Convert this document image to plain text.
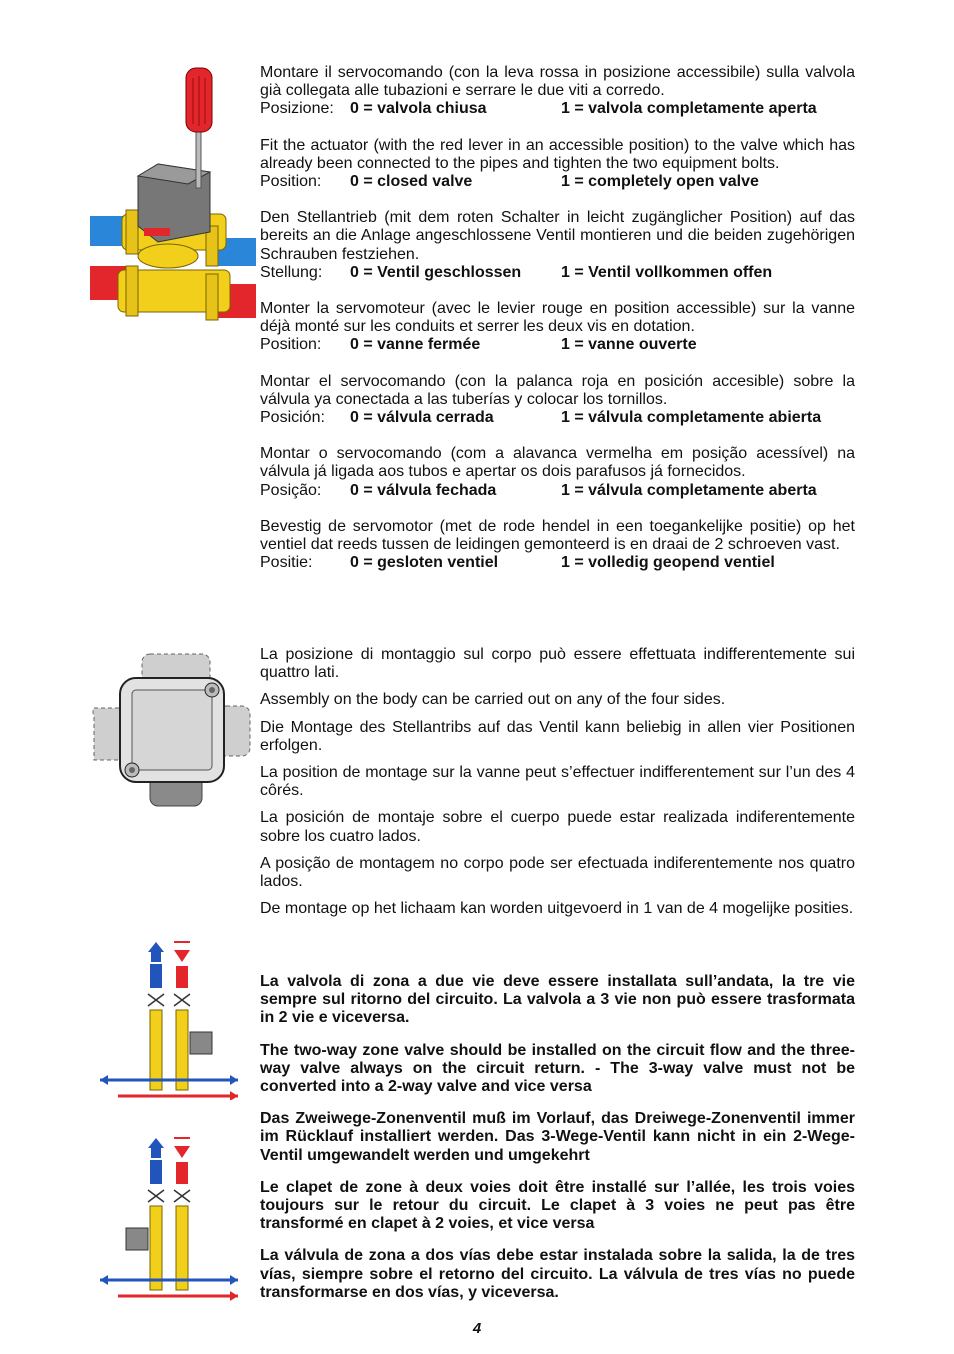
Montare il servocomando (con la leva rossa in posizione accessibile) sulla valvola già collegata alle tubazioni e serrare le due viti a corredo.

Posizione:	0 = valvola chiusa	1 = valvola completamente aperta

Fit the actuator (with the red lever in an accessible position) to the valve which has already been connected to the pipes and tighten the two equipment bolts.

Position:	0 = closed valve	1 = completely open valve

Den Stellantrieb (mit dem roten Schalter in leicht zugänglicher Position) auf das bereits an die Anlage angeschlossene Ventil montieren und die beiden zugehörigen Schrauben festziehen.

Stellung:	0 = Ventil geschlossen	1 = Ventil vollkommen offen

Monter la servomoteur (avec le levier rouge en position accessible) sur la vanne déjà monté sur les conduits et serrer les deux vis en dotation.

Position:	0 = vanne fermée	1 = vanne ouverte

Montar el servocomando (con la palanca roja en posición accesible) sobre la válvula ya conectada a las tuberías y colocar los tornillos.

Posición:	0 = válvula cerrada	1 = válvula completamente abierta

Montar o servocomando (com a alavanca vermelha em posição acessível) na válvula já ligada aos tubos e apertar os dois parafusos já fornecidos.

Posição:	0 = válvula fechada	1 = válvula completamente aberta

Bevestig de servomotor (met de rode hendel in een toegankelijke positie) op het ventiel dat reeds tussen de leidingen gemonteerd is en draai de 2 schroeven vast.

Positie:	0 = gesloten ventiel	1 = volledig geopend ventiel

La posizione di montaggio sul corpo può essere effettuata indifferentemente sui quattro lati.

Assembly on the body can be carried out on any of the four sides.

Die Montage des Stellantribs auf das Ventil kann beliebig in allen vier Positionen erfolgen.

La position de montage sur la vanne peut s’effectuer indifferentement sur l’un des 4 côrés.

La posición de montaje sobre el cuerpo puede estar realizada indiferentemente sobre los cuatro lados.

A posição de montagem no corpo pode ser efectuada indiferentemente nos quatro lados.

De montage op het lichaam kan worden uitgevoerd in 1 van de 4 mogelijke posities.

La valvola di zona a due vie deve essere installata sull’andata, la tre vie sempre sul ritorno del circuito. La valvola a 3 vie non può essere trasformata in 2 vie e viceversa.

The two-way zone valve should be installed on the circuit flow and the three-way valve always on the circuit return. - The 3-way valve must not be converted into a 2-way valve and vice versa

Das Zweiwege-Zonenventil muß im Vorlauf, das Dreiwege-Zonenventil immer im Rücklauf installiert werden. Das 3-Wege-Ventil kann nicht in ein 2-Wege-Ventil umgewandelt werden und umgekehrt

Le clapet de zone à deux voies doit être installé sur l’allée, les trois voies toujours sur le retour du circuit. Le clapet à 3 voies ne peut pas être transformé en clapet à 2 voies, et vice versa

La válvula de zona a dos vías debe estar instalada sobre la salida, la de tres vías, siempre sobre el retorno del circuito. La válvula de tres vías no puede transformarse en dos vías, y viceversa.

4
